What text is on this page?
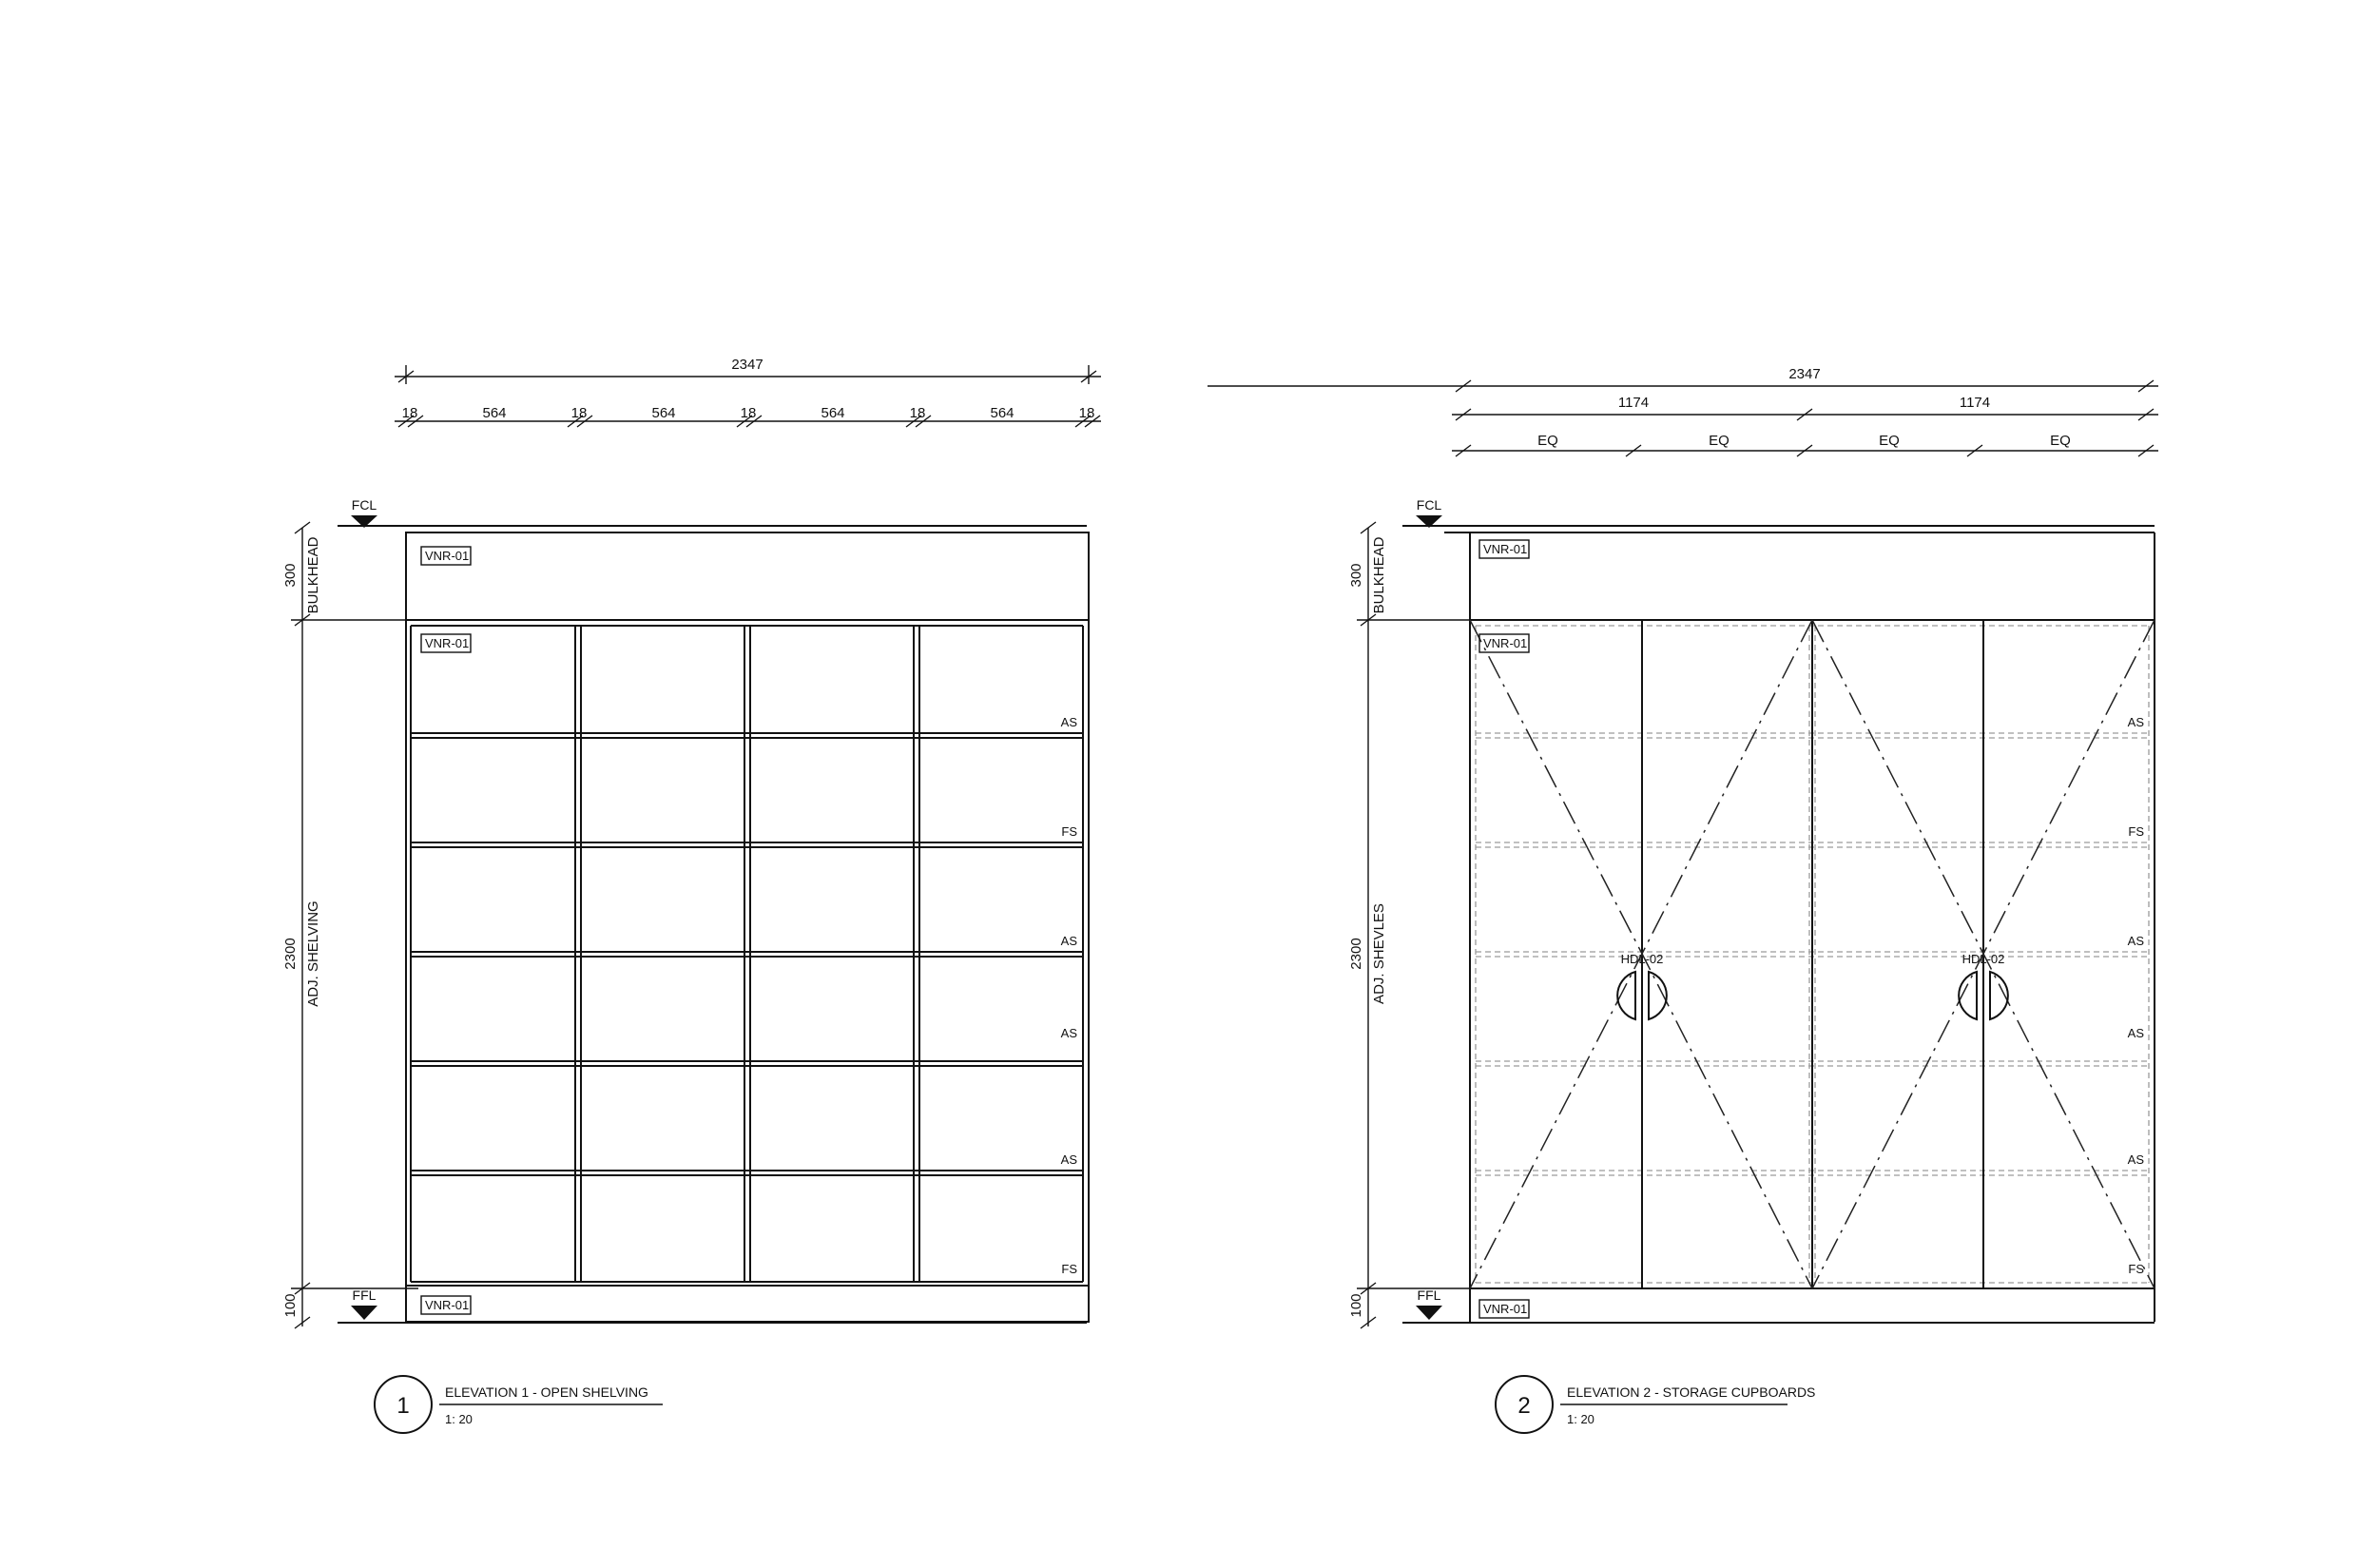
2347
18	564	18	564	18	564	18	564	18
FCL
FFL
300 BULKHEAD
2300 ADJ. SHELVING
100
VNR-01
VNR-01
VNR-01
AS
FS
AS
AS
AS
FS
1
ELEVATION 1 - OPEN SHELVING
1: 20
2347
1174	1174
EQ	EQ	EQ	EQ
FCL
FFL
300 BULKHEAD
2300 ADJ. SHEVLES
100
HDL-02	HDL-02
VNR-01
VNR-01
VNR-01
AS
FS
AS
AS
AS
FS
2
ELEVATION 2 - STORAGE CUPBOARDS
1: 20
